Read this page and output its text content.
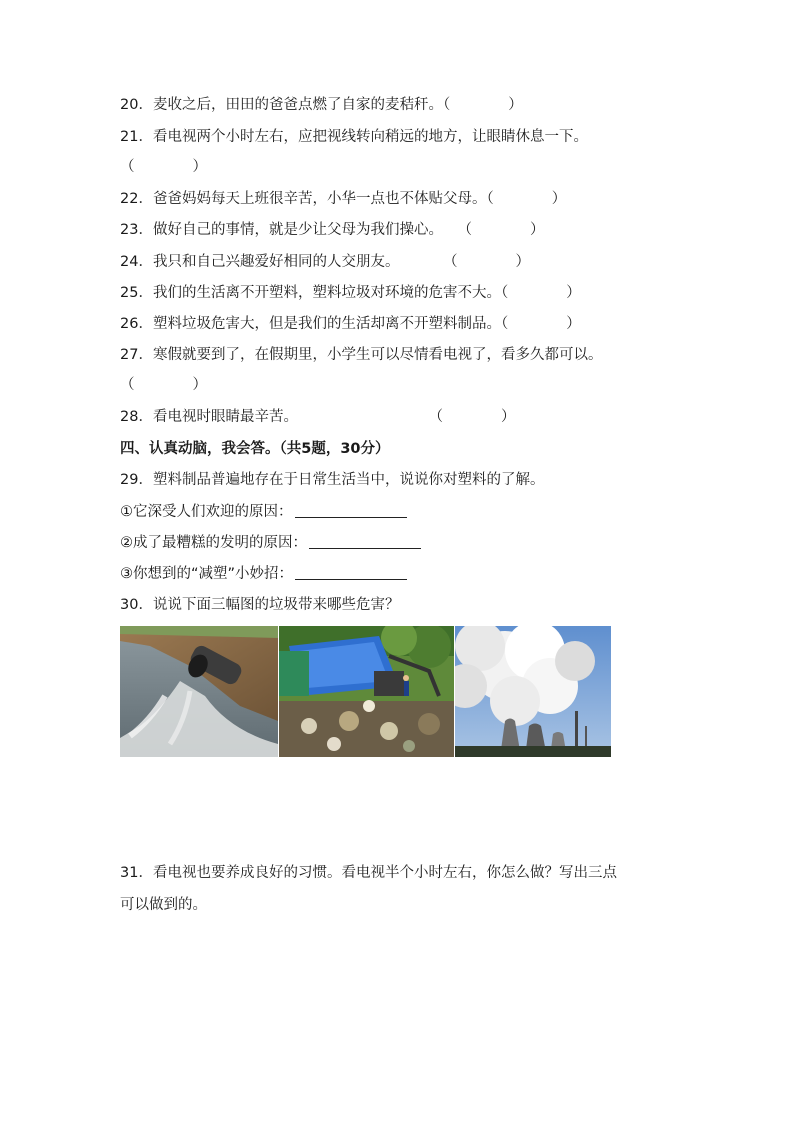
20．麦收之后，田田的爸爸点燃了自家的麦秸秆。（　　　　）
21．看电视两个小时左右，应把视线转向稍远的地方，让眼睛休息一下。
（　　　　）
22．爸爸妈妈每天上班很辛苦，小华一点也不体贴父母。（　　　　）
23．做好自己的事情，就是少让父母为我们操心。　　（　　　　）
24．我只和自己兴趣爱好相同的人交朋友。　　　　（　　　　）
25．我们的生活离不开塑料，塑料垃圾对环境的危害不大。（　　　　）
26．塑料垃圾危害大，但是我们的生活却离不开塑料制品。（　　　　）
27．寒假就要到了，在假期里，小学生可以尽情看电视了，看多久都可以。
（　　　　）
28．看电视时眼睛最辛苦。　　　　　　　　　　（　　　　）
四、认真动脑，我会答。（共5题，30分）
29．塑料制品普遍地存在于日常生活当中，说说你对塑料的了解。
①它深受人们欢迎的原因：
②成了最糟糕的发明的原因：
③你想到的“减塑”小妙招：
30．说说下面三幅图的垃圾带来哪些危害？
31．看电视也要养成良好的习惯。看电视半个小时左右，你怎么做？写出三点
可以做到的。
